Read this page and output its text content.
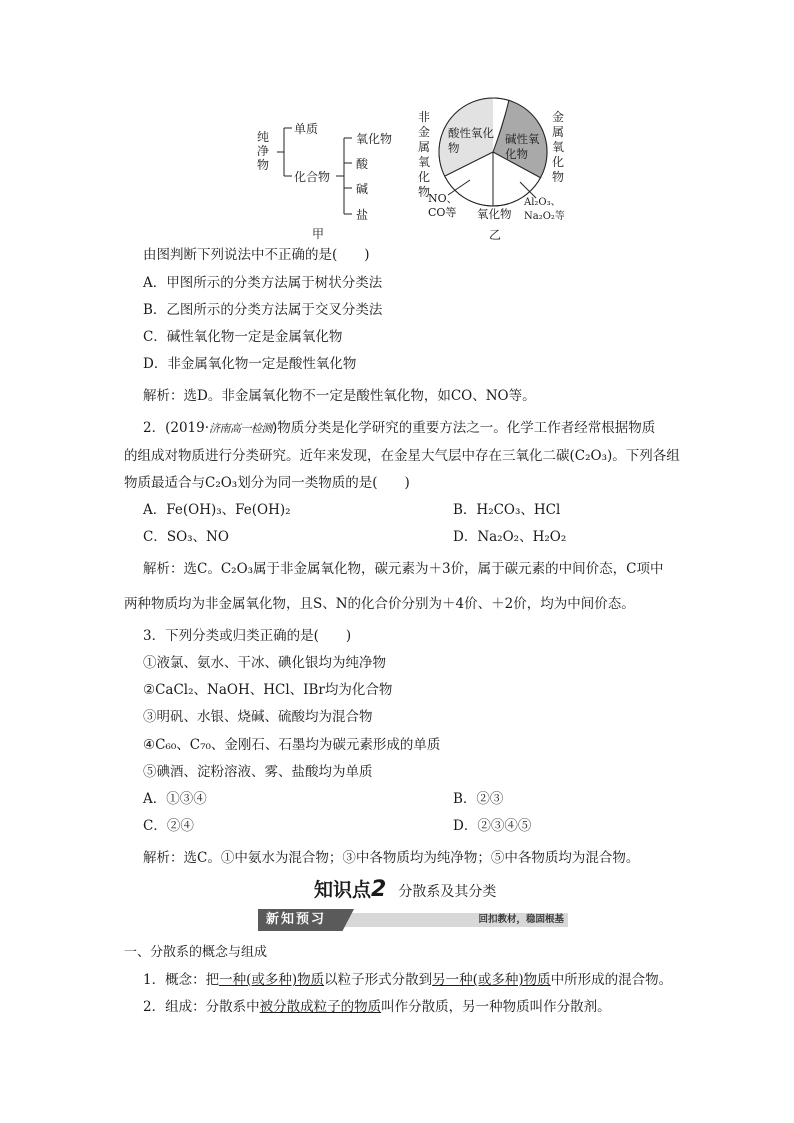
纯净物
单质
化合物
氧化物
酸
碱
盐
甲
非金属氧化物
金属氧化物
酸性氧化物
碱性氧化物
氧化物
NO、CO等
Al₂O₃、Na₂O₂等
乙
由图判断下列说法中不正确的是(　　)
A．甲图所示的分类方法属于树状分类法
B．乙图所示的分类方法属于交叉分类法
C．碱性氧化物一定是金属氧化物
D．非金属氧化物一定是酸性氧化物
解析：选D。非金属氧化物不一定是酸性氧化物，如CO、NO等。
2．(2019·济南高一检测)物质分类是化学研究的重要方法之一。化学工作者经常根据物质
的组成对物质进行分类研究。近年来发现，在金星大气层中存在三氧化二碳(C₂O₃)。下列各组
物质最适合与C₂O₃划分为同一类物质的是(　　)
A．Fe(OH)₃、Fe(OH)₂	B．H₂CO₃、HCl
C．SO₃、NO	D．Na₂O₂、H₂O₂
解析：选C。C₂O₃属于非金属氧化物，碳元素为＋3价，属于碳元素的中间价态，C项中
两种物质均为非金属氧化物，且S、N的化合价分别为＋4价、＋2价，均为中间价态。
3．下列分类或归类正确的是(　　)
①液氯、氨水、干冰、碘化银均为纯净物
②CaCl₂、NaOH、HCl、IBr均为化合物
③明矾、水银、烧碱、硫酸均为混合物
④C₆₀、C₇₀、金刚石、石墨均为碳元素形成的单质
⑤碘酒、淀粉溶液、雾、盐酸均为单质
A．①③④	B．②③
C．②④	D．②③④⑤
解析：选C。①中氨水为混合物；③中各物质均为纯净物；⑤中各物质均为混合物。
知识点2 分散系及其分类
新知预习	回扣教材，稳固根基
一、分散系的概念与组成
1．概念：把一种(或多种)物质以粒子形式分散到另一种(或多种)物质中所形成的混合物。
2．组成：分散系中被分散成粒子的物质叫作分散质，另一种物质叫作分散剂。
